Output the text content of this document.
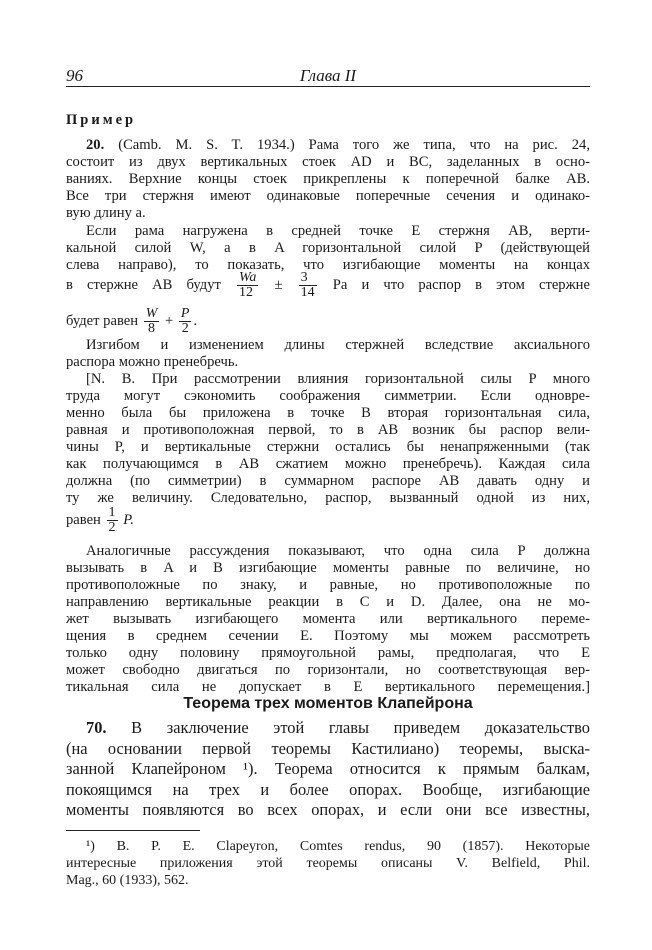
96	Глава II
Пример
20. (Camb. M. S. T. 1934.) Рама того же типа, что на рис. 24,
состоит из двух вертикальных стоек AD и BC, заделанных в осно-
ваниях. Верхние концы стоек прикреплены к поперечной балке AB.
Все три стержня имеют одинаковые поперечные сечения и одинако-
вую длину a.
Если рама нагружена в средней точке E стержня AB, верти-
кальной силой W, а в A горизонтальной силой P (действующей
слева направо), то показать, что изгибающие моменты на концах
в стержне AB будут $\frac{Wa}{12} \pm \frac{3}{14}$ Pa и что распор в этом стержне
будет равен $\frac{W}{8} + \frac{P}{2}$ .
Изгибом и изменением длины стержней вследствие аксиального
распора можно пренебречь.
[N. B. При рассмотрении влияния горизонтальной силы P много
труда могут сэкономить соображения симметрии. Если одновре-
менно была бы приложена в точке B вторая горизонтальная сила,
равная и противоположная первой, то в AB возник бы распор вели-
чины P, и вертикальные стержни остались бы ненапряженными (так
как получающимся в AB сжатием можно пренебречь). Каждая сила
должна (по симметрии) в суммарном распоре AB давать одну и
ту же величину. Следовательно, распор, вызванный одной из них,
равен $\frac{1}{2} P$.
Аналогичные рассуждения показывают, что одна сила P должна
вызывать в A и B изгибающие моменты равные по величине, но
противоположные по знаку, и равные, но противоположные по
направлению вертикальные реакции в C и D. Далее, она не мо-
жет вызывать изгибающего момента или вертикального переме-
щения в среднем сечении E. Поэтому мы можем рассмотреть
только одну половину прямоугольной рамы, предполагая, что E
может свободно двигаться по горизонтали, но соответствующая вер-
тикальная сила не допускает в E вертикального перемещения.]
Теорема трех моментов Клапейрона
70. В заключение этой главы приведем доказательство
(на основании первой теоремы Кастилиано) теоремы, выска-
занной Клапейроном ¹). Теорема относится к прямым балкам,
покоящимся на трех и более опорах. Вообще, изгибающие
моменты появляются во всех опорах, и если они все известны,
¹) B. P. E. Clapeyron, Comtes rendus, 90 (1857). Некоторые
интересные приложения этой теоремы описаны V. Belfield, Phil.
Mag., 60 (1933), 562.
